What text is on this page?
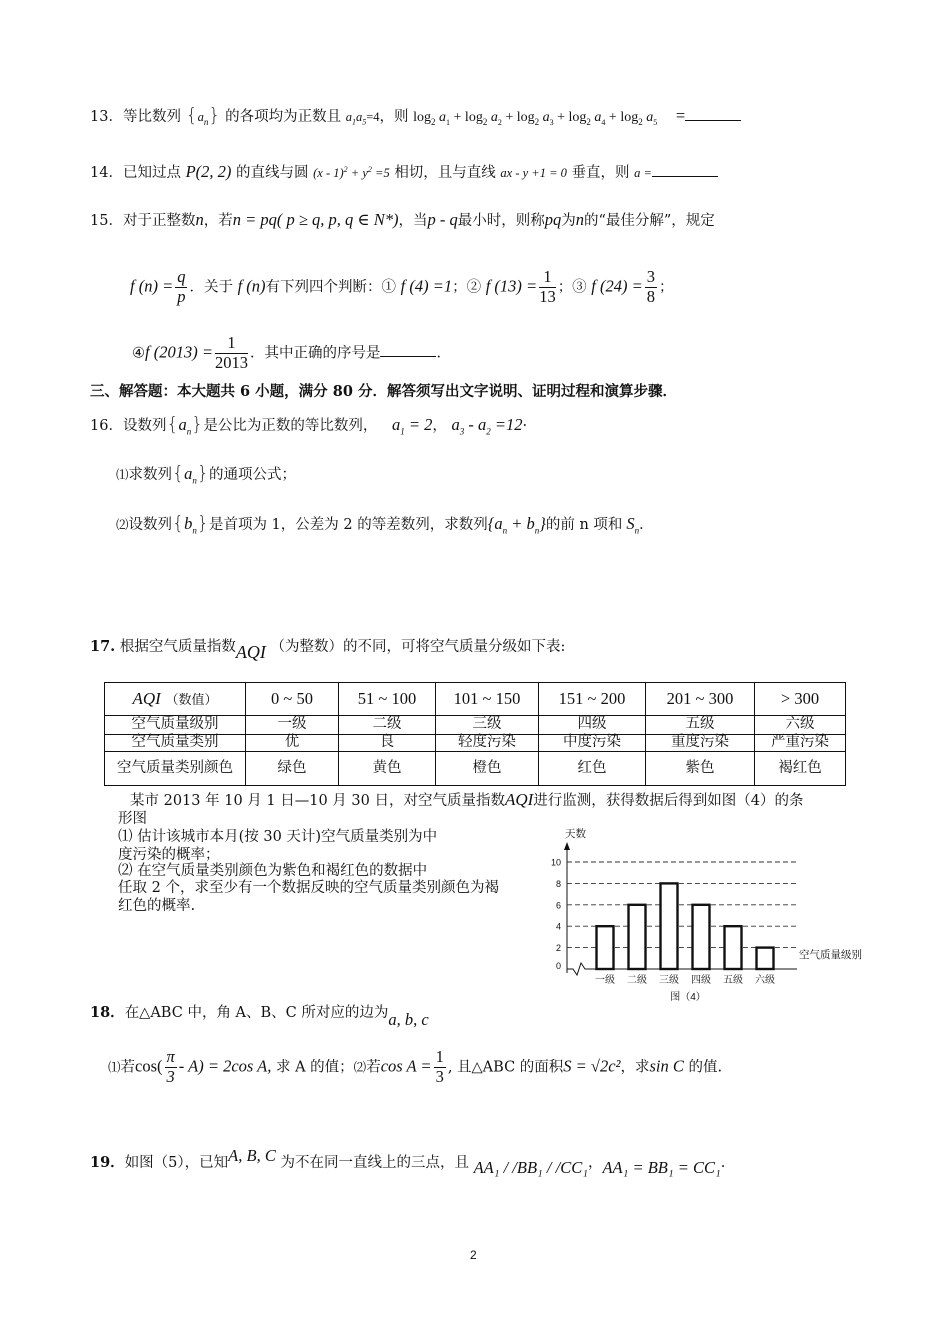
13．等比数列 $\{a_n\}$ 的各项均为正数且 $a_1a_5=4$，则 $\log_2 a_1 + \log_2 a_2 + \log_2 a_3 + \log_2 a_4 + \log_2 a_5$ =
14．已知过点 P(2, 2) 的直线与圆 $(x - 1)^2 + y^2 =5$ 相切，且与直线 ax - y +1 = 0 垂直，则 a =
15．对于正整数n，若n = pq( p ≥ q, p, q ∈ N*)，当p - q最小时，则称pq为n的“最佳分解”，规定
f $(n) = \frac{q}{p}$ ．关于 f (n)有下列四个判断：① f (4) =1；② f $(13) = \frac{1}{13}$ ；③ f $(24) = \frac{3}{8}$ ；
④f $(2013) = \frac{1}{2013}$ ．其中正确的序号是	．
三、解答题：本大题共 6 小题，满分 80 分．解答须写出文字说明、证明过程和演算步骤．
16．设数列$\{a_n\}$是公比为正数的等比数列， $a_1 = 2$， $a_3 - a_2 =12\cdot$
⑴求数列$\{a_n\}$的通项公式；
⑵设数列$\{b_n\}$是首项为 1，公差为 2 的等差数列，求数列$\{a_n + b_n\}$的前 n 项和 $S_n$．
17. 根据空气质量指数AQI （为整数）的不同，可将空气质量分级如下表:
AQI （数值）	0 ~ 50	51 ~ 100	101 ~ 150	151 ~ 200	201 ~ 300	> 300
空气质量级别	一级	二级	三级	四级	五级	六级
空气质量类别	优	良	轻度污染	中度污染	重度污染	严重污染
空气质量类别颜色	绿色	黄色	橙色	红色	紫色	褐红色
某市 2013 年 10 月 1 日—10 月 30 日，对空气质量指数AQI进行监测，获得数据后得到如图（4）的条
形图
⑴ 估计该城市本月(按 30 天计)空气质量类别为中
度污染的概率；
⑵ 在空气质量类别颜色为紫色和褐红色的数据中
任取 2 个，求至少有一个数据反映的空气质量类别颜色为褐
红色的概率.
0
2
4
6
8
10
一级 二级 三级 四级 五级 六级
天数
空气质量级别
图（4）
18．在△ABC 中，角 A、B、C 所对应的边为a, b, c
⑴若$\cos( \frac{\pi}{3} - A) = 2\cos$ A, 求 A 的值；⑵若$\cos A = \frac{1}{3}$ , 且△ABC 的面积S = √2c²，求sin C 的值.
19．如图（5），已知A, B, C 为不在同一直线上的三点，且 AA₁ / /BB₁ / /CC₁，AA₁ = BB₁ = CC₁.
2
